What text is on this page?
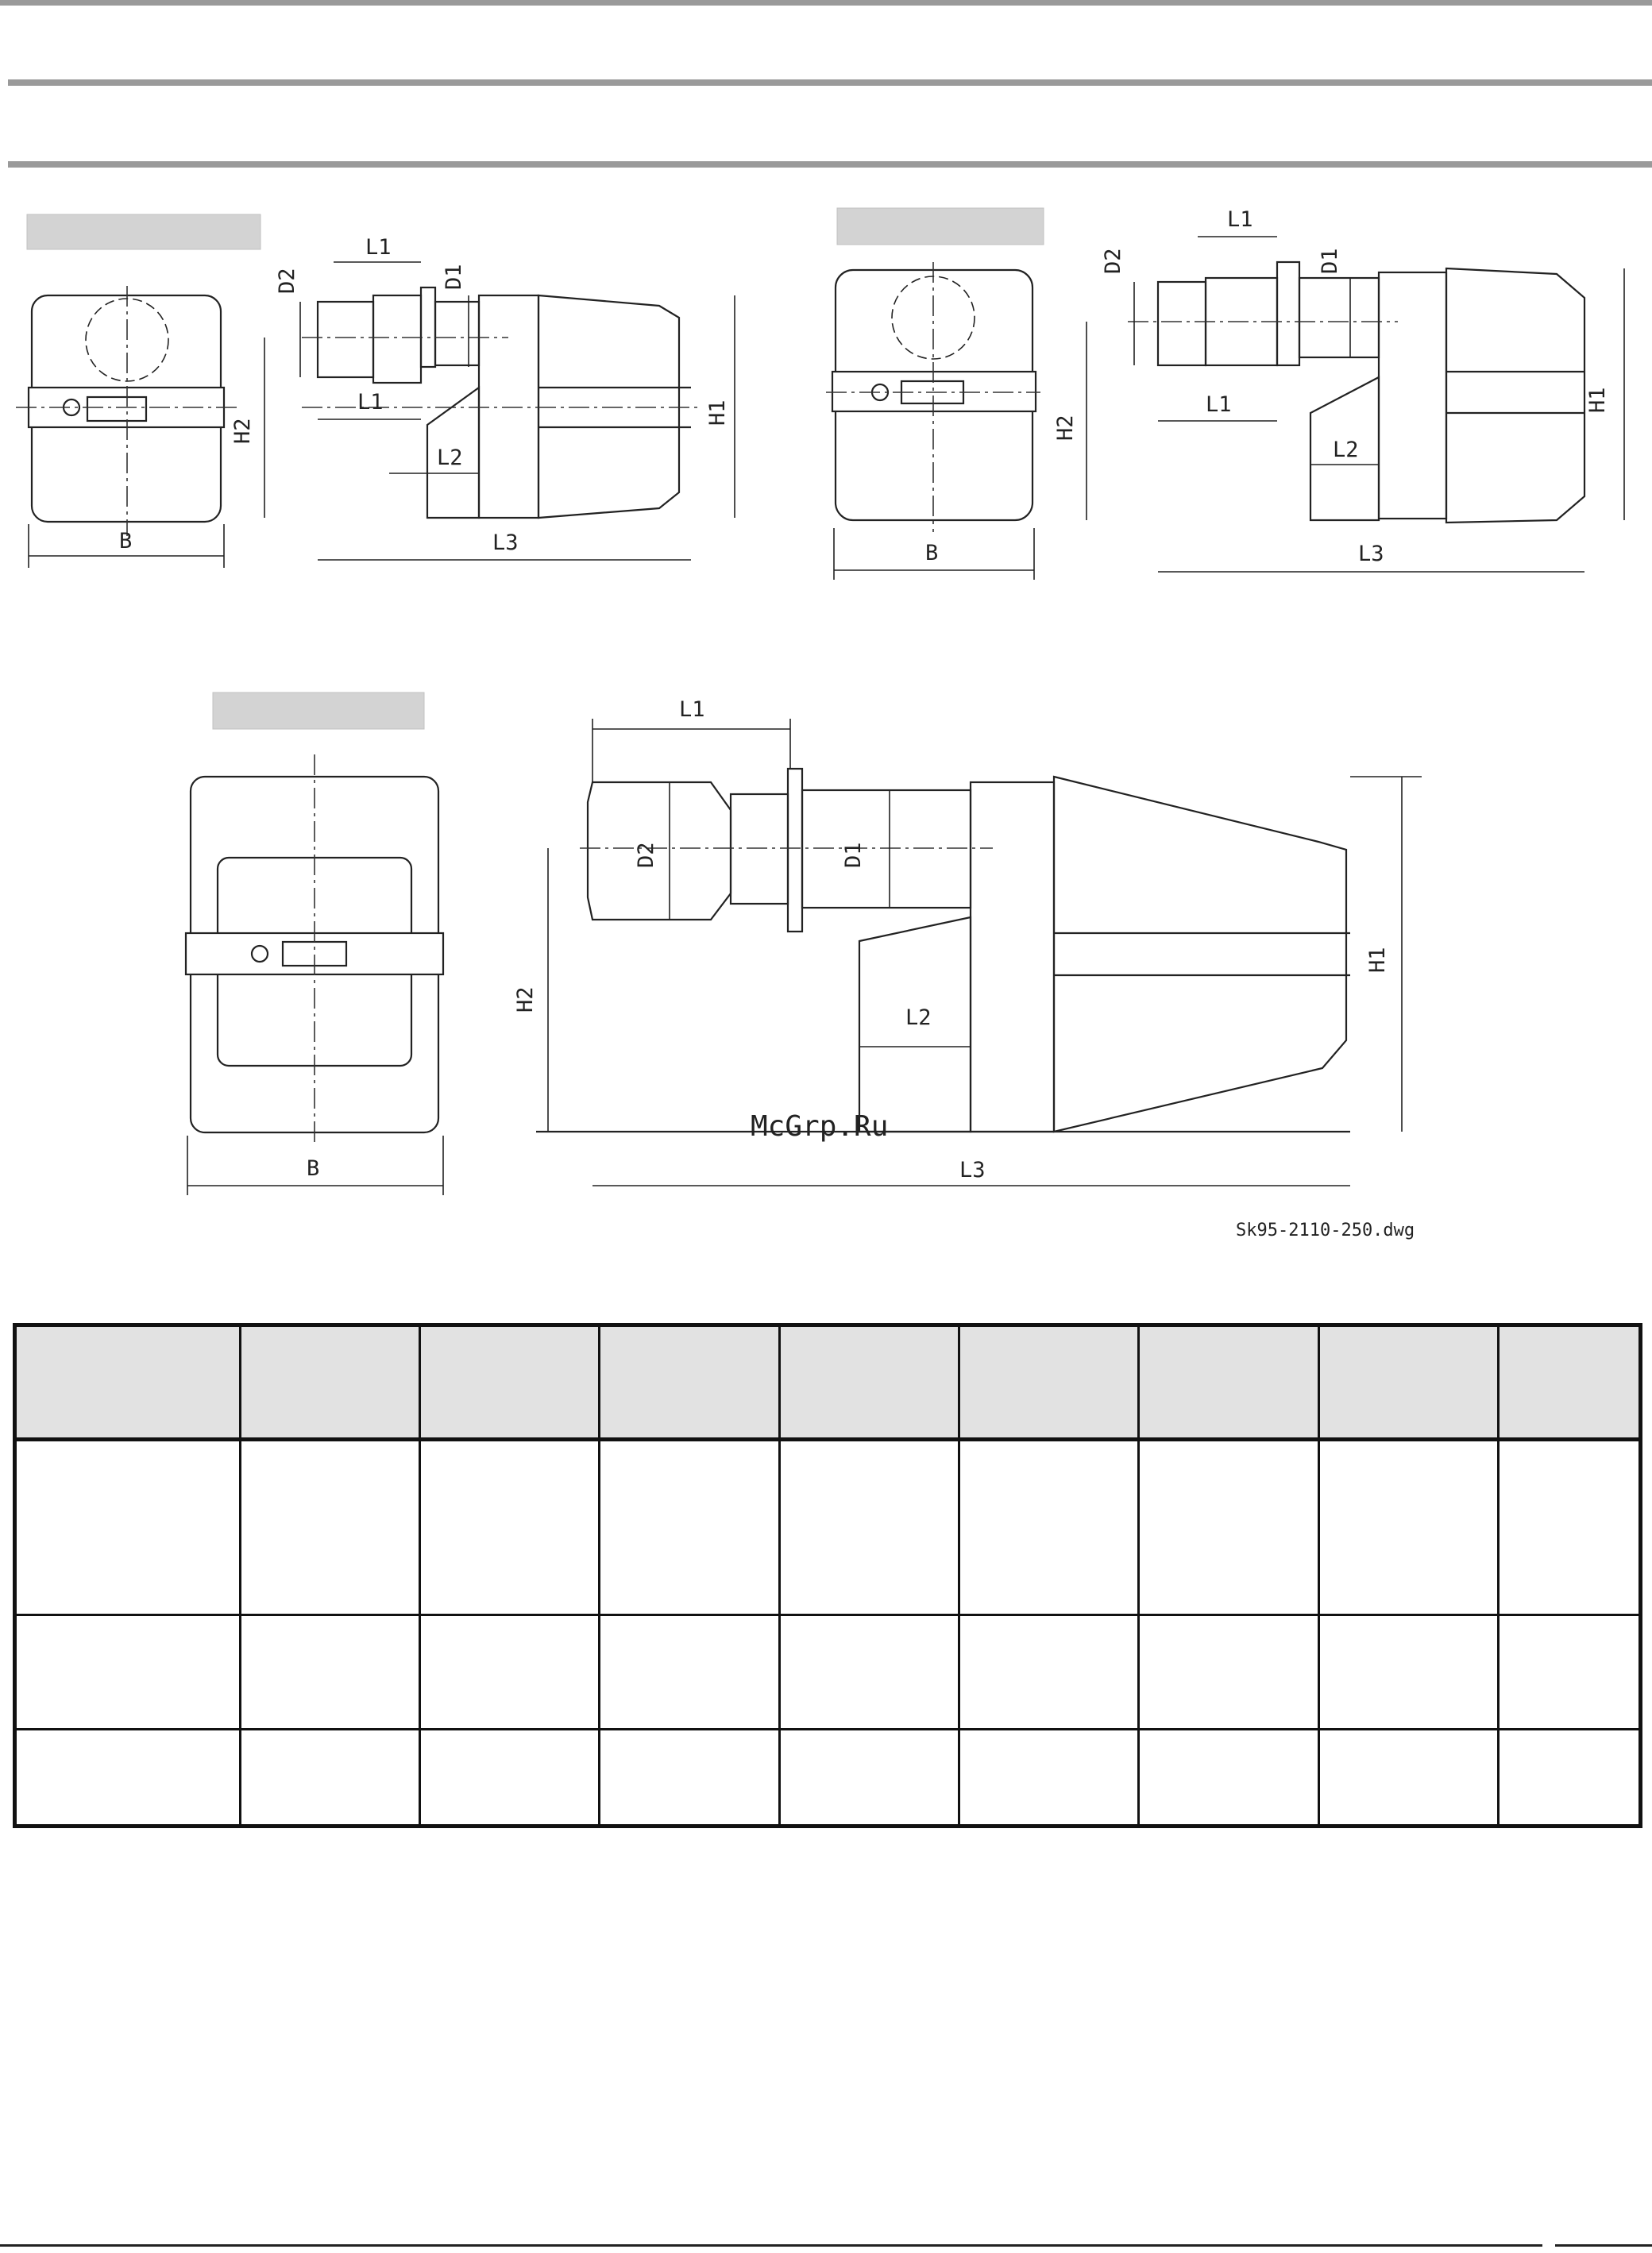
B
L1
L1
L2
L3
H1
H2
D1
D2
B
L1
L1
L2
L3
H1
H2
D1
D2
B
L1
L2
L3
H1
H2
D1
D2
McGrp.Ru
Sk95-2110-250.dwg
